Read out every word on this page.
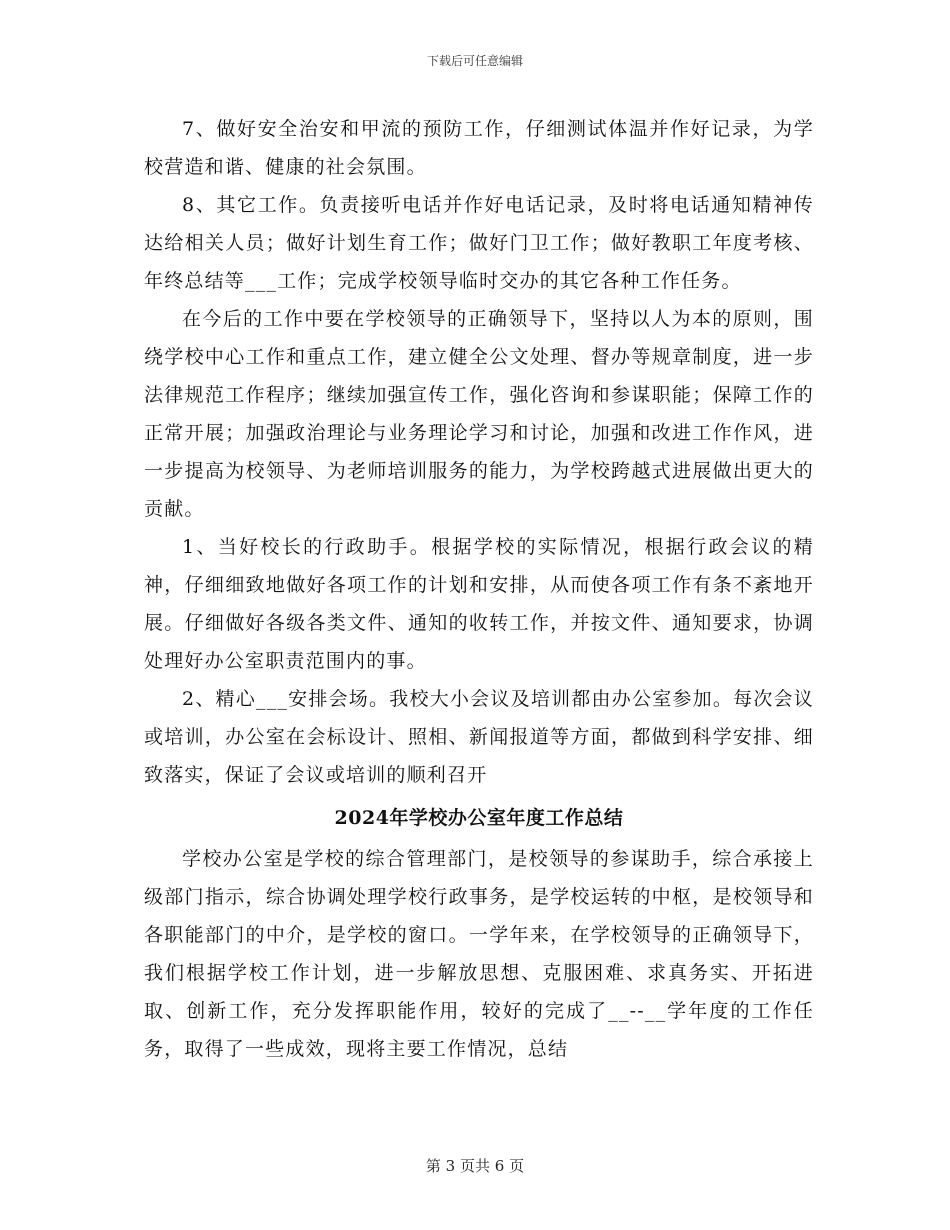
下载后可任意编辑

7、做好安全治安和甲流的预防工作，仔细测试体温并作好记录，为学校营造和谐、健康的社会氛围。

8、其它工作。负责接听电话并作好电话记录，及时将电话通知精神传达给相关人员；做好计划生育工作；做好门卫工作；做好教职工年度考核、年终总结等___工作；完成学校领导临时交办的其它各种工作任务。

在今后的工作中要在学校领导的正确领导下，坚持以人为本的原则，围绕学校中心工作和重点工作，建立健全公文处理、督办等规章制度，进一步法律规范工作程序；继续加强宣传工作，强化咨询和参谋职能；保障工作的正常开展；加强政治理论与业务理论学习和讨论，加强和改进工作作风，进一步提高为校领导、为老师培训服务的能力，为学校跨越式进展做出更大的贡献。

1、当好校长的行政助手。根据学校的实际情况，根据行政会议的精神，仔细细致地做好各项工作的计划和安排，从而使各项工作有条不紊地开展。仔细做好各级各类文件、通知的收转工作，并按文件、通知要求，协调处理好办公室职责范围内的事。

2、精心___安排会场。我校大小会议及培训都由办公室参加。每次会议或培训，办公室在会标设计、照相、新闻报道等方面，都做到科学安排、细致落实，保证了会议或培训的顺利召开

2024年学校办公室年度工作总结

学校办公室是学校的综合管理部门，是校领导的参谋助手，综合承接上级部门指示，综合协调处理学校行政事务，是学校运转的中枢，是校领导和各职能部门的中介，是学校的窗口。一学年来，在学校领导的正确领导下，我们根据学校工作计划，进一步解放思想、克服困难、求真务实、开拓进取、创新工作，充分发挥职能作用，较好的完成了__--__学年度的工作任务，取得了一些成效，现将主要工作情况，总结

第 3 页共 6 页
